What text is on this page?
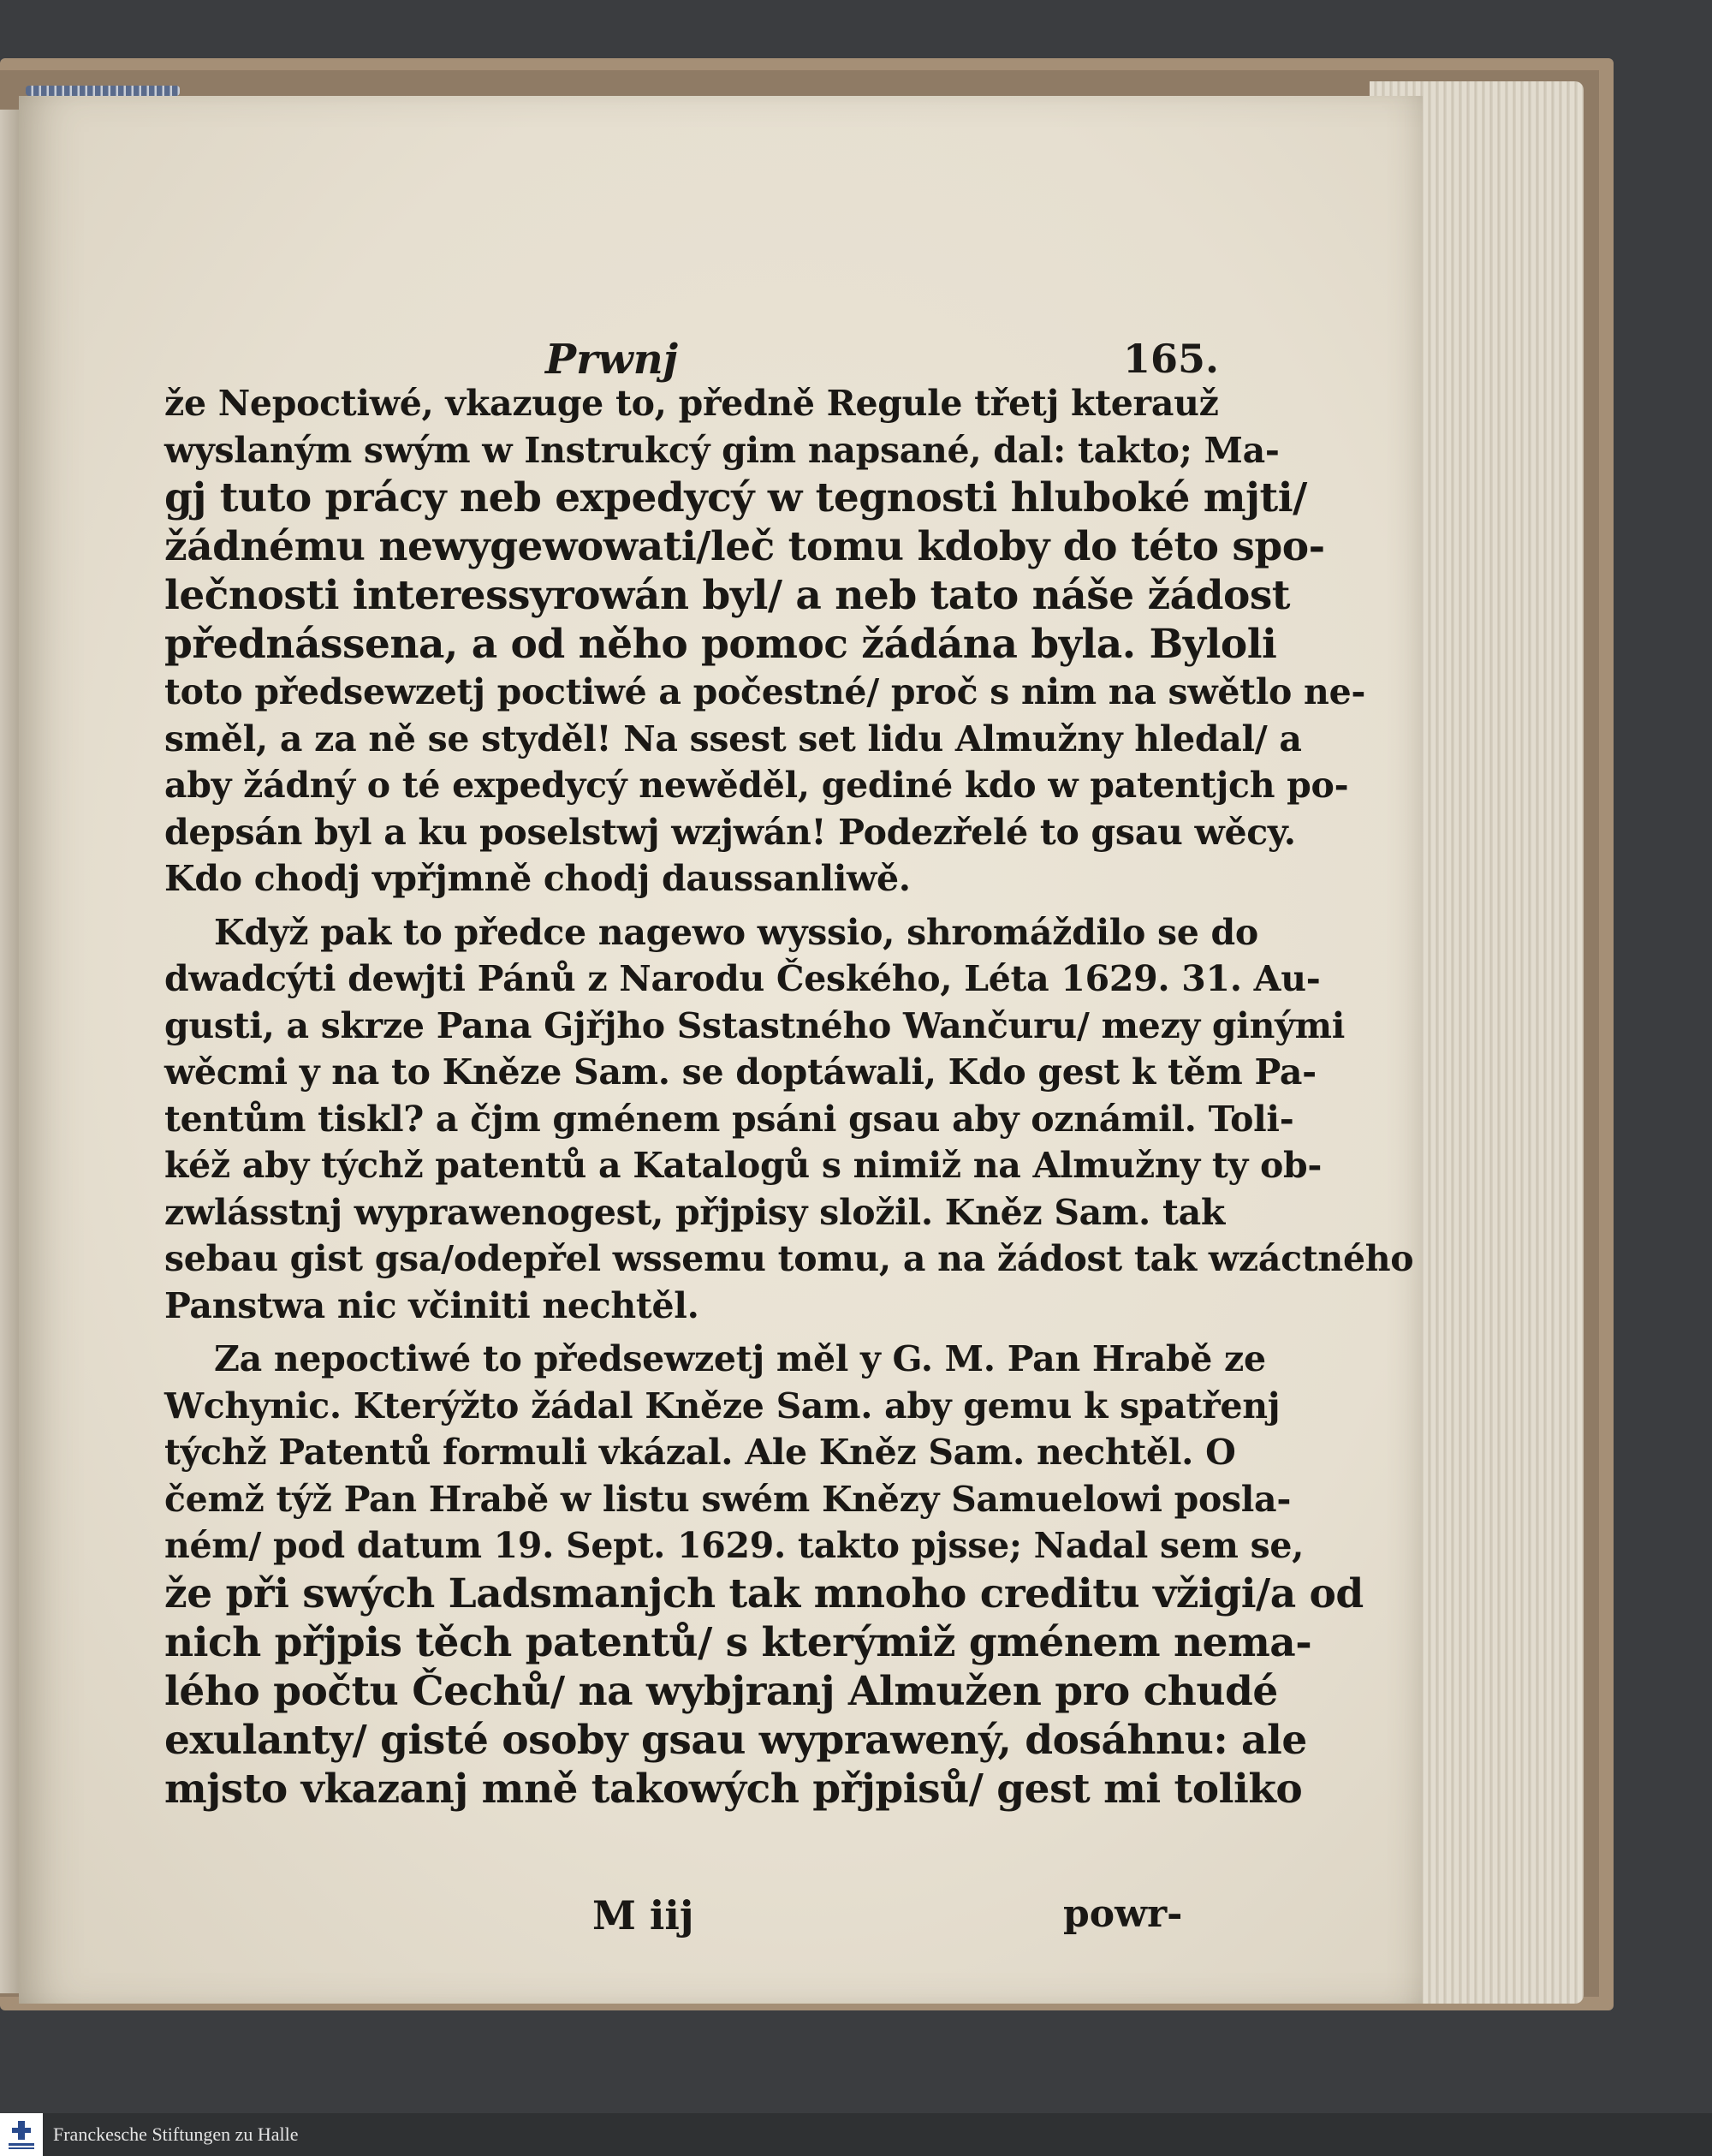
Prwnj	165.
že Nepoctiwé, vkazuge to, předně Regule třetj kterauž
wyslaným swým w Instrukcý gim napsané, dal: takto; Ma-
gj tuto prácy neb expedycý w tegnosti hluboké mjti/
žádnému newygewowati/leč tomu kdoby do této spo-
lečnosti interessyrowán byl/ a neb tato náše žádost
přednássena, a od něho pomoc žádána byla. Byloli
toto předsewzetj poctiwé a počestné/ proč s nim na swětlo ne-
směl, a za ně se styděl! Na ssest set lidu Almužny hledal/ a
aby žádný o té expedycý newěděl, gediné kdo w patentjch po-
depsán byl a ku poselstwj wzjwán! Podezřelé to gsau wěcy.
Kdo chodj vpřjmně chodj daussanliwě.
Když pak to předce nagewo wyssio, shromáždilo se do
dwadcýti dewjti Pánů z Narodu Českého, Léta 1629. 31. Au-
gusti, a skrze Pana Gjřjho Sstastného Wančuru/ mezy ginými
wěcmi y na to Kněze Sam. se doptáwali, Kdo gest k těm Pa-
tentům tiskl? a čjm gménem psáni gsau aby oznámil. Toli-
kéž aby týchž patentů a Katalogů s nimiž na Almužny ty ob-
zwlásstnj wyprawenogest, přjpisy složil. Kněz Sam. tak
sebau gist gsa/odepřel wssemu tomu, a na žádost tak wzáctného
Panstwa nic včiniti nechtěl.
Za nepoctiwé to předsewzetj měl y G. M. Pan Hrabě ze
Wchynic. Kterýžto žádal Kněze Sam. aby gemu k spatřenj
týchž Patentů formuli vkázal. Ale Kněz Sam. nechtěl. O
čemž týž Pan Hrabě w listu swém Knězy Samuelowi posla-
ném/ pod datum 19. Sept. 1629. takto pjsse; Nadal sem se,
že při swých Ladsmanjch tak mnoho creditu vžigi/a od
nich přjpis těch patentů/ s kterýmiž gménem nema-
lého počtu Čechů/ na wybjranj Almužen pro chudé
exulanty/ gisté osoby gsau wyprawený, dosáhnu: ale
mjsto vkazanj mně takowých přjpisů/ gest mi toliko
M iij	powr-
Franckesche Stiftungen zu Halle
